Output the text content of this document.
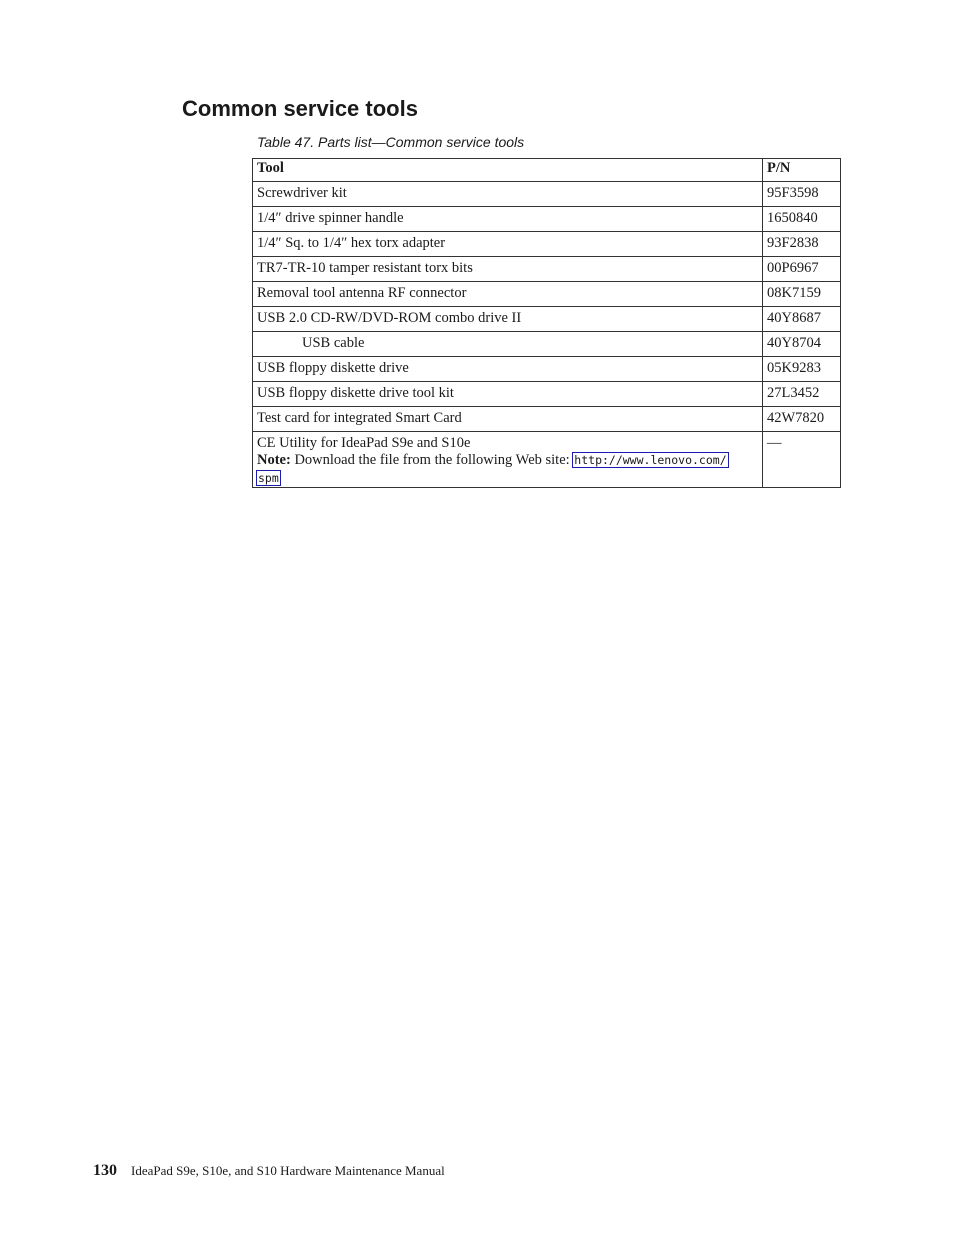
Common service tools
Table 47. Parts list—Common service tools
Tool	P/N
Screwdriver kit	95F3598
1/4″ drive spinner handle	1650840
1/4″ Sq. to 1/4″ hex torx adapter	93F2838
TR7-TR-10 tamper resistant torx bits	00P6967
Removal tool antenna RF connector	08K7159
USB 2.0 CD-RW/DVD-ROM combo drive II	40Y8687
USB cable	40Y8704
USB floppy diskette drive	05K9283
USB floppy diskette drive tool kit	27L3452
Test card for integrated Smart Card	42W7820

CE Utility for IdeaPad S9e and S10e
Note: Download the file from the following Web site: http://www.lenovo.com/
spm	—
130 IdeaPad S9e, S10e, and S10 Hardware Maintenance Manual
